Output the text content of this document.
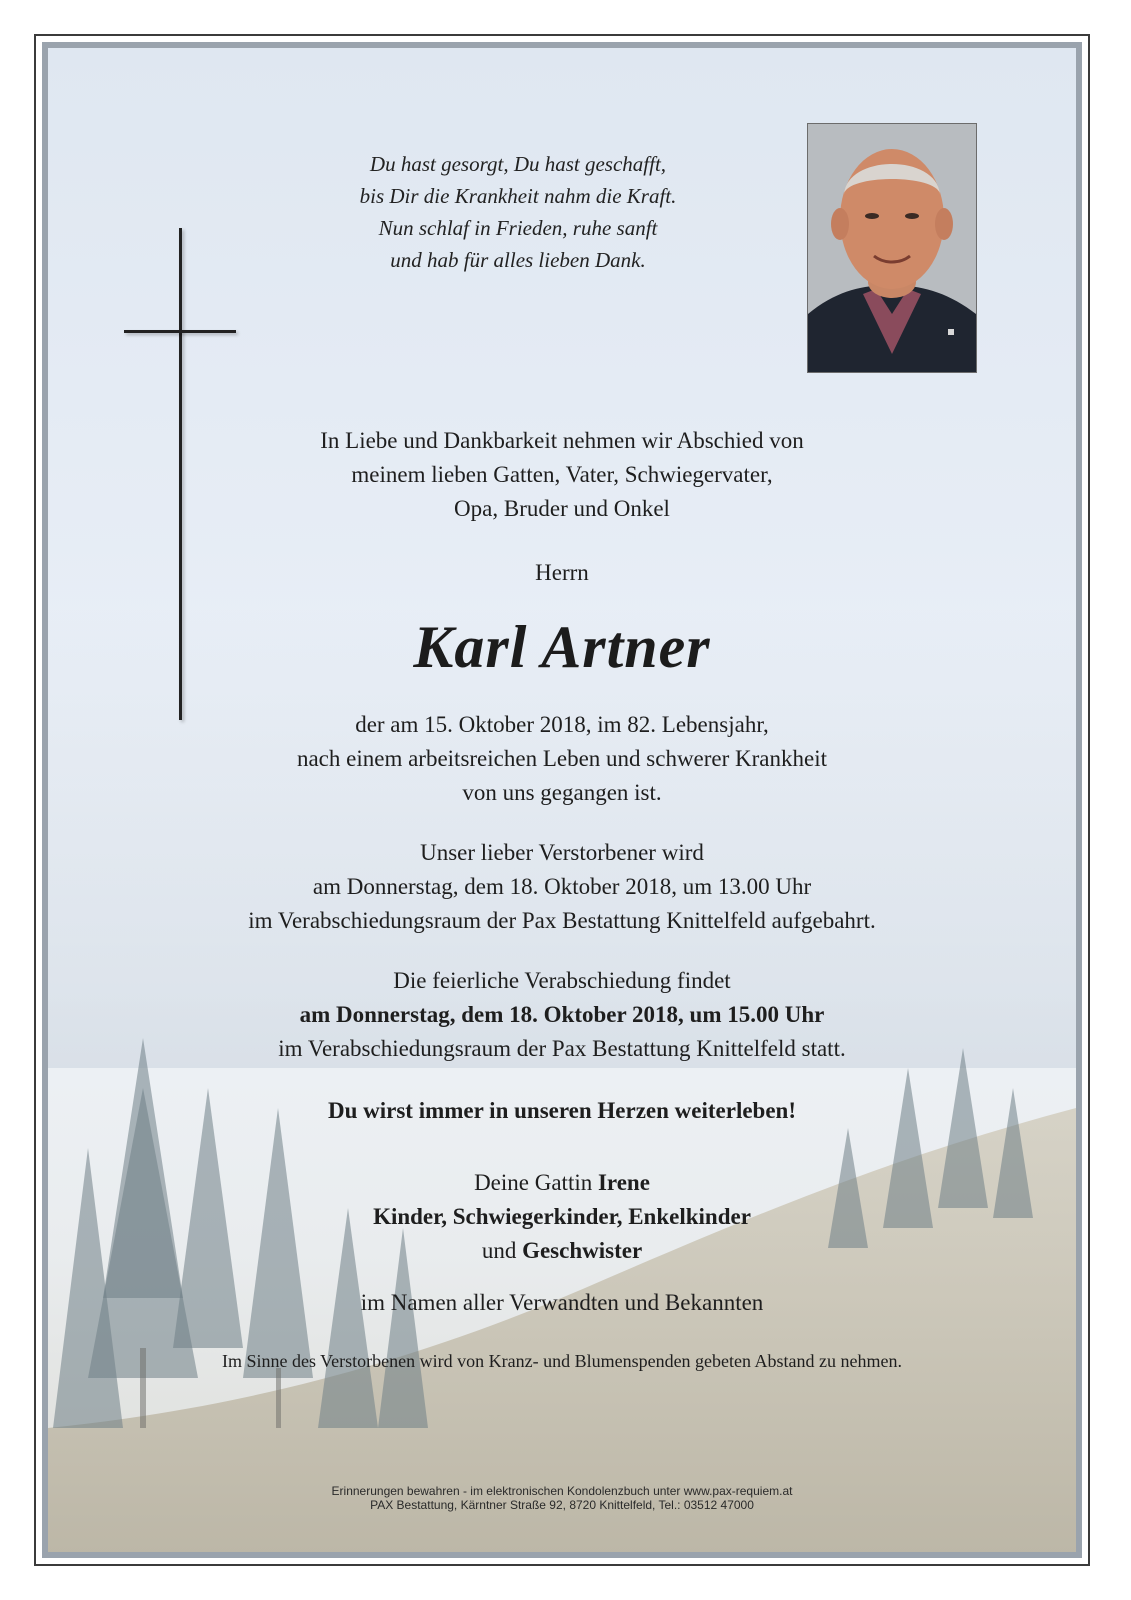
Du hast gesorgt, Du hast geschafft,

bis Dir die Krankheit nahm die Kraft.

Nun schlaf in Frieden, ruhe sanft

und hab für alles lieben Dank.

In Liebe und Dankbarkeit nehmen wir Abschied von

meinem lieben Gatten, Vater, Schwiegervater,

Opa, Bruder und Onkel

Herrn

Karl Artner

der am 15. Oktober 2018, im 82. Lebensjahr,

nach einem arbeitsreichen Leben und schwerer Krankheit

von uns gegangen ist.

Unser lieber Verstorbener wird

am Donnerstag, dem 18. Oktober 2018, um 13.00 Uhr

im Verabschiedungsraum der Pax Bestattung Knittelfeld aufgebahrt.

Die feierliche Verabschiedung findet

am Donnerstag, dem 18. Oktober 2018, um 15.00 Uhr

im Verabschiedungsraum der Pax Bestattung Knittelfeld statt.

Du wirst immer in unseren Herzen weiterleben!

Deine Gattin Irene

Kinder, Schwiegerkinder, Enkelkinder

und Geschwister

im Namen aller Verwandten und Bekannten

Im Sinne des Verstorbenen wird von Kranz- und Blumenspenden gebeten Abstand zu nehmen.

Erinnerungen bewahren - im elektronischen Kondolenzbuch unter www.pax-requiem.at

PAX Bestattung, Kärntner Straße 92, 8720 Knittelfeld, Tel.: 03512 47000
